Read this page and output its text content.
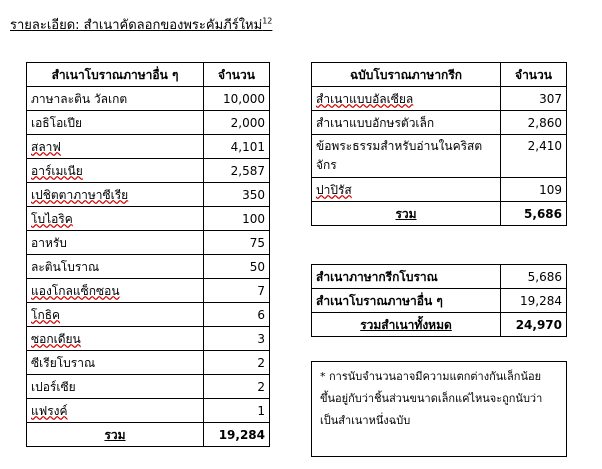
รายละเอียด: สำเนาคัดลอกของพระคัมภีร์ใหม่$^{12}$
สำเนาโบราณภาษาอื่น ๆ	จำนวน
ภาษาละติน วัลเกต	10,000
เอธิโอเปีย	2,000
สลาฟ	4,101
อาร์เมเนีย	2,587
เปชิตตาภาษาซีเรีย	350
โบไอริค	100
อาหรับ	75
ละตินโบราณ	50
แองโกลแซ็กซอน	7
โกธิค	6
ซอกเดียน	3
ซีเรียโบราณ	2
เปอร์เซีย	2
แฟรงค์	1
รวม	19,284
ฉบับโบราณภาษากรีก	จำนวน
สำเนาแบบอัลเซียล	307
สำเนาแบบอักษรตัวเล็ก	2,860
ข้อพระธรรมสำหรับอ่านในคริสตจักร	2,410
ปาปิรัส	109
รวม	5,686
สำเนาภาษากรีกโบราณ	5,686
สำเนาโบราณภาษาอื่น ๆ	19,284
รวมสำเนาทั้งหมด	24,970
* การนับจำนวนอาจมีความแตกต่างกันเล็กน้อย ขึ้นอยู่กับว่าชิ้นส่วนขนาดเล็กแค่ไหนจะถูกนับว่าเป็นสำเนาหนึ่งฉบับ
